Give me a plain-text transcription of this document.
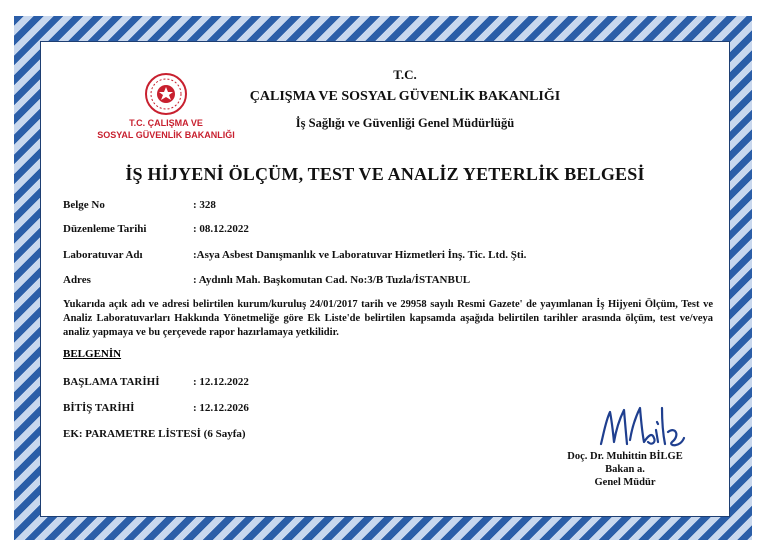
T.C. ÇALIŞMA VE
SOSYAL GÜVENLİK BAKANLIĞI
T.C.
ÇALIŞMA VE SOSYAL GÜVENLİK BAKANLIĞI
İş Sağlığı ve Güvenliği Genel Müdürlüğü
İŞ HİJYENİ ÖLÇÜM, TEST VE ANALİZ YETERLİK BELGESİ
Belge No	: 328
Düzenleme Tarihi	: 08.12.2022
Laboratuvar Adı	:Asya Asbest Danışmanlık ve Laboratuvar Hizmetleri İnş. Tic. Ltd. Şti.
Adres	: Aydınlı Mah. Başkomutan Cad. No:3/B Tuzla/İSTANBUL
Yukarıda açık adı ve adresi belirtilen kurum/kuruluş 24/01/2017 tarih ve 29958 sayılı Resmi Gazete' de yayımlanan İş Hijyeni Ölçüm, Test ve Analiz Laboratuvarları Hakkında Yönetmeliğe göre Ek Liste'de belirtilen kapsamda aşağıda belirtilen tarihler arasında ölçüm, test ve/veya analiz yapmaya ve bu çerçevede rapor hazırlamaya yetkilidir.
BELGENİN
BAŞLAMA TARİHİ	: 12.12.2022
BİTİŞ TARİHİ	: 12.12.2026
EK: PARAMETRE LİSTESİ (6 Sayfa)
Doç. Dr. Muhittin BİLGE
Bakan a.
Genel Müdür
